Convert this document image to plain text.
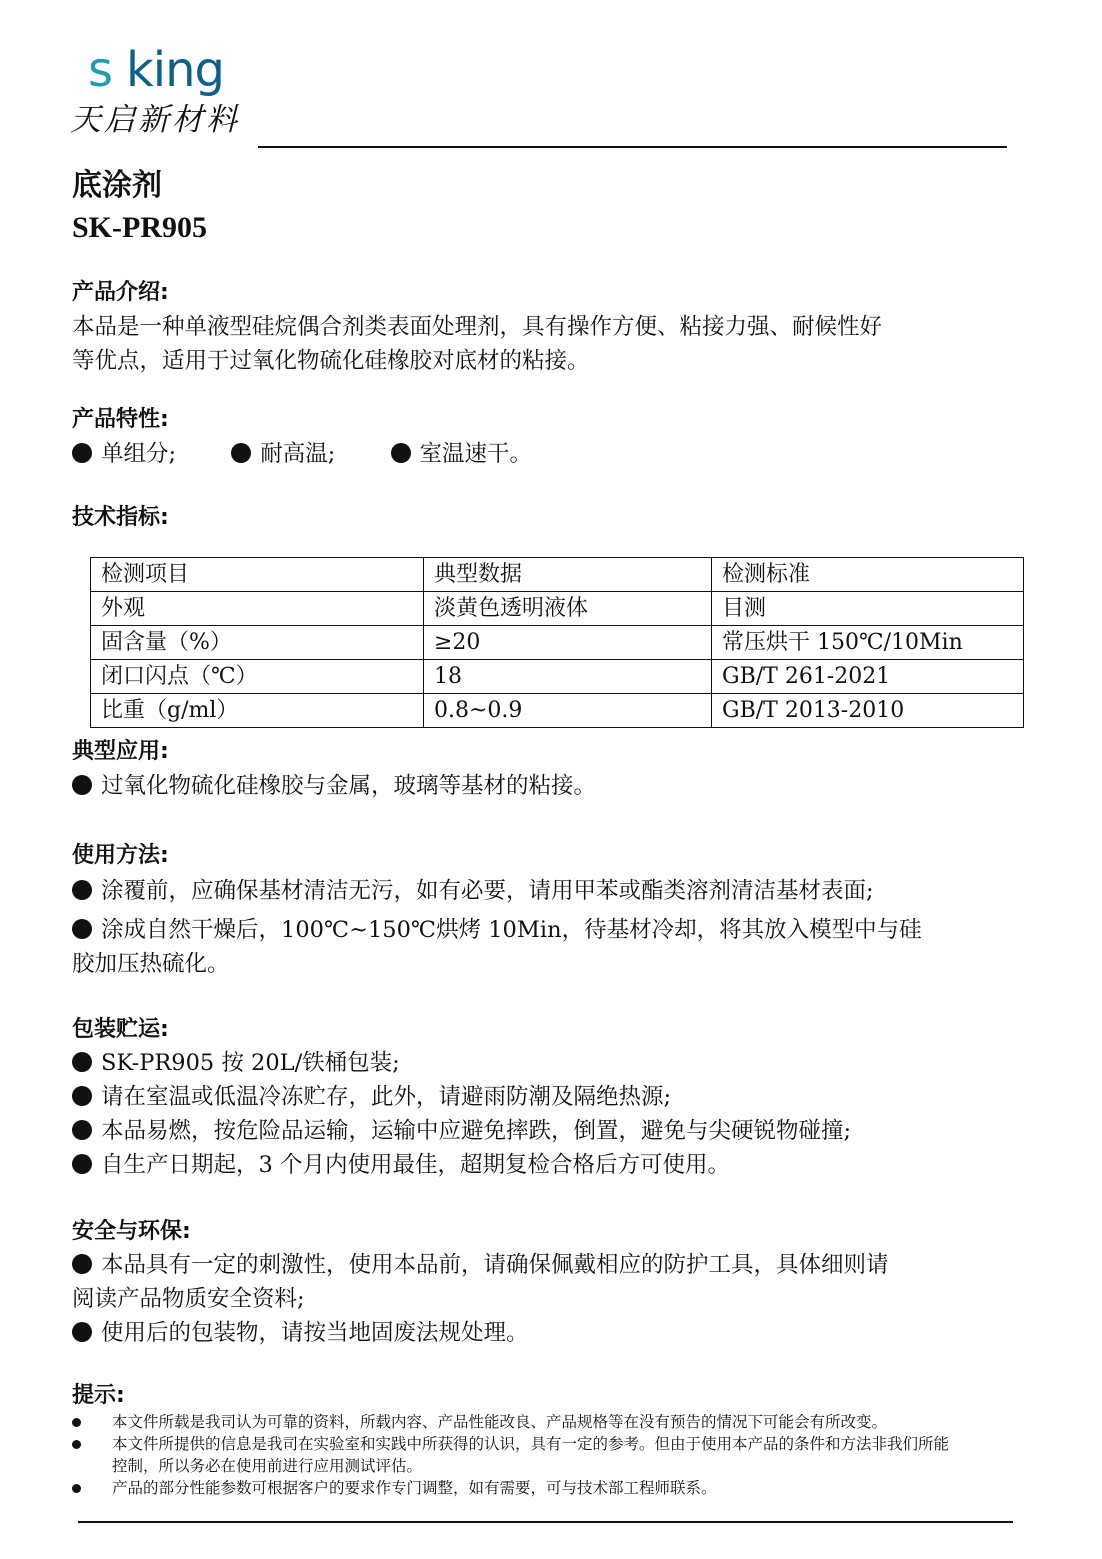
s king
天启新材料
底涂剂
SK-PR905
产品介绍:
本品是一种单液型硅烷偶合剂类表面处理剂，具有操作方便、粘接力强、耐候性好
等优点，适用于过氧化物硫化硅橡胶对底材的粘接。
产品特性:
单组分;	耐高温;	室温速干。
技术指标:
检测项目	典型数据	检测标准
外观	淡黄色透明液体	目测
固含量（%）	≥20	常压烘干 150℃/10Min
闭口闪点（℃）	18	GB/T 261-2021
比重（g/ml）	0.8~0.9	GB/T 2013-2010
典型应用:
过氧化物硫化硅橡胶与金属，玻璃等基材的粘接。
使用方法:
涂覆前，应确保基材清洁无污，如有必要，请用甲苯或酯类溶剂清洁基材表面;
涂成自然干燥后，100℃~150℃烘烤 10Min，待基材冷却，将其放入模型中与硅
胶加压热硫化。
包装贮运:
SK-PR905 按 20L/铁桶包装;
请在室温或低温冷冻贮存，此外，请避雨防潮及隔绝热源;
本品易燃，按危险品运输，运输中应避免摔跌，倒置，避免与尖硬锐物碰撞;
自生产日期起，3 个月内使用最佳，超期复检合格后方可使用。
安全与环保:
本品具有一定的刺激性，使用本品前，请确保佩戴相应的防护工具，具体细则请
阅读产品物质安全资料;
使用后的包装物，请按当地固废法规处理。
提示:
本文件所载是我司认为可靠的资料，所载内容、产品性能改良、产品规格等在没有预告的情况下可能会有所改变。
本文件所提供的信息是我司在实验室和实践中所获得的认识，具有一定的参考。但由于使用本产品的条件和方法非我们所能
控制，所以务必在使用前进行应用测试评估。
产品的部分性能参数可根据客户的要求作专门调整，如有需要，可与技术部工程师联系。
